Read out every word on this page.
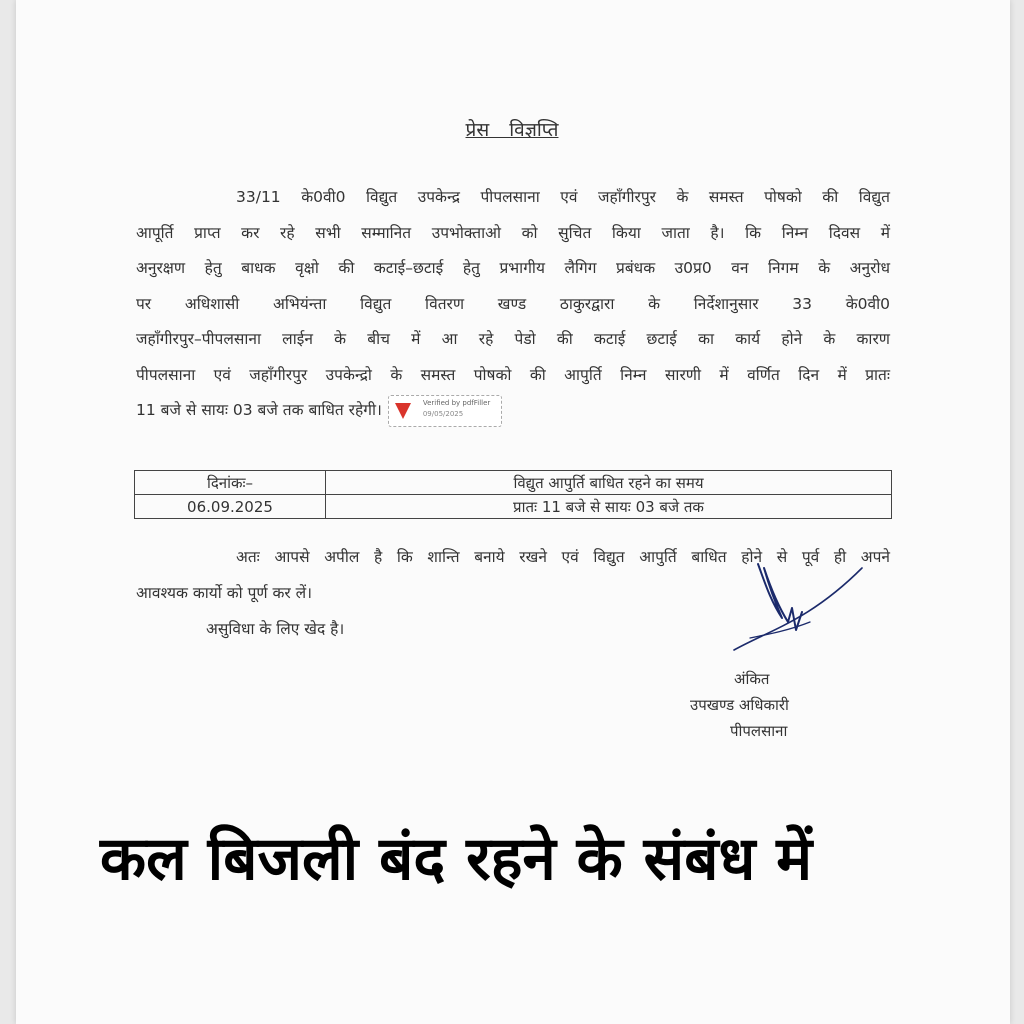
प्रेस विज्ञप्ति

33/11 के0वी0 विद्युत उपकेन्द्र पीपलसाना एवं जहाँगीरपुर के समस्त पोषको की विद्युत

आपूर्ति प्राप्त कर रहे सभी सम्मानित उपभोक्ताओ को सुचित किया जाता है। कि निम्न दिवस में

अनुरक्षण हेतु बाधक वृक्षो की कटाई–छटाई हेतु प्रभागीय लैगिग प्रबंधक उ0प्र0 वन निगम के अनुरोध

पर अधिशासी अभियंन्ता विद्युत वितरण खण्ड ठाकुरद्वारा के निर्देशानुसार 33 के0वी0

जहाँगीरपुर–पीपलसाना लाईन के बीच में आ रहे पेडो की कटाई छटाई का कार्य होने के कारण

पीपलसाना एवं जहाँगीरपुर उपकेन्द्रो के समस्त पोषको की आपुर्ति निम्न सारणी में वर्णित दिन में प्रातः

11 बजे से सायः 03 बजे तक बाधित रहेगी।	Verified by pdfFiller
09/05/2025

दिनांकः–	विद्युत आपुर्ति बाधित रहने का समय
06.09.2025	प्रातः 11 बजे से सायः 03 बजे तक

अतः आपसे अपील है कि शान्ति बनाये रखने एवं विद्युत आपुर्ति बाधित होने से पूर्व ही अपने

आवश्यक कार्यो को पूर्ण कर लें।

असुविधा के लिए खेद है।
अंकित
उपखण्ड अधिकारी
पीपलसाना
कल बिजली बंद रहने के संबंध में
